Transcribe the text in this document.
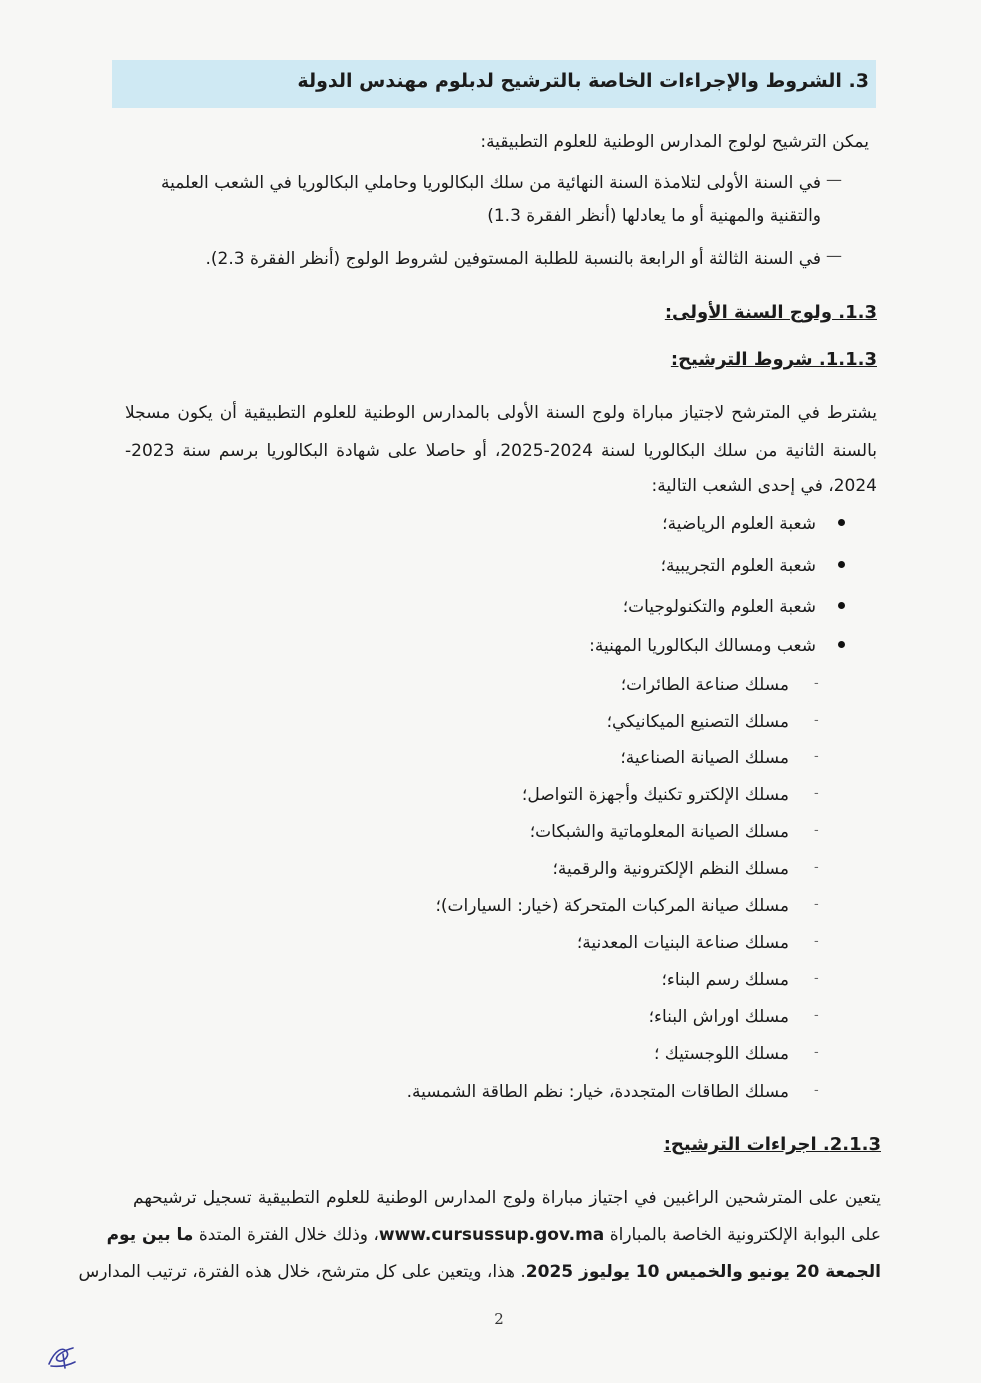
3. الشروط والإجراءات الخاصة بالترشيح لدبلوم مهندس الدولة
يمكن الترشيح لولوج المدارس الوطنية للعلوم التطبيقية:
—
في السنة الأولى لتلامذة السنة النهائية من سلك البكالوريا وحاملي البكالوريا في الشعب العلمية
والتقنية والمهنية أو ما يعادلها (أنظر الفقرة 1.3)
—
في السنة الثالثة أو الرابعة بالنسبة للطلبة المستوفين لشروط الولوج (أنظر الفقرة 2.3).
1.3. ولوج السنة الأولى:
1.1.3. شروط الترشيح:
يشترط في المترشح لاجتياز مباراة ولوج السنة الأولى بالمدارس الوطنية للعلوم التطبيقية أن يكون مسجلا
بالسنة الثانية من سلك البكالوريا لسنة 2024-2025، أو حاصلا على شهادة البكالوريا برسم سنة 2023-
2024، في إحدى الشعب التالية:
شعبة العلوم الرياضية؛
شعبة العلوم التجريبية؛
شعبة العلوم والتكنولوجيات؛
شعب ومسالك البكالوريا المهنية:
-
مسلك صناعة الطائرات؛
-
مسلك التصنيع الميكانيكي؛
-
مسلك الصيانة الصناعية؛
-
مسلك الإلكترو تكنيك وأجهزة التواصل؛
-
مسلك الصيانة المعلوماتية والشبكات؛
-
مسلك النظم الإلكترونية والرقمية؛
-
مسلك صيانة المركبات المتحركة (خيار: السيارات)؛
-
مسلك صناعة البنيات المعدنية؛
-
مسلك رسم البناء؛
-
مسلك اوراش البناء؛
-
مسلك اللوجستيك ؛
-
مسلك الطاقات المتجددة، خيار: نظم الطاقة الشمسية.
2.1.3. اجراءات الترشيح:
يتعين على المترشحين الراغبين في اجتياز مباراة ولوج المدارس الوطنية للعلوم التطبيقية تسجيل ترشيحهم
على البوابة الإلكترونية الخاصة بالمباراة www.cursussup.gov.ma، وذلك خلال الفترة المتدة ما بين يوم
الجمعة 20 يونيو والخميس 10 يوليوز 2025. هذا، ويتعين على كل مترشح، خلال هذه الفترة، ترتيب المدارس
2
